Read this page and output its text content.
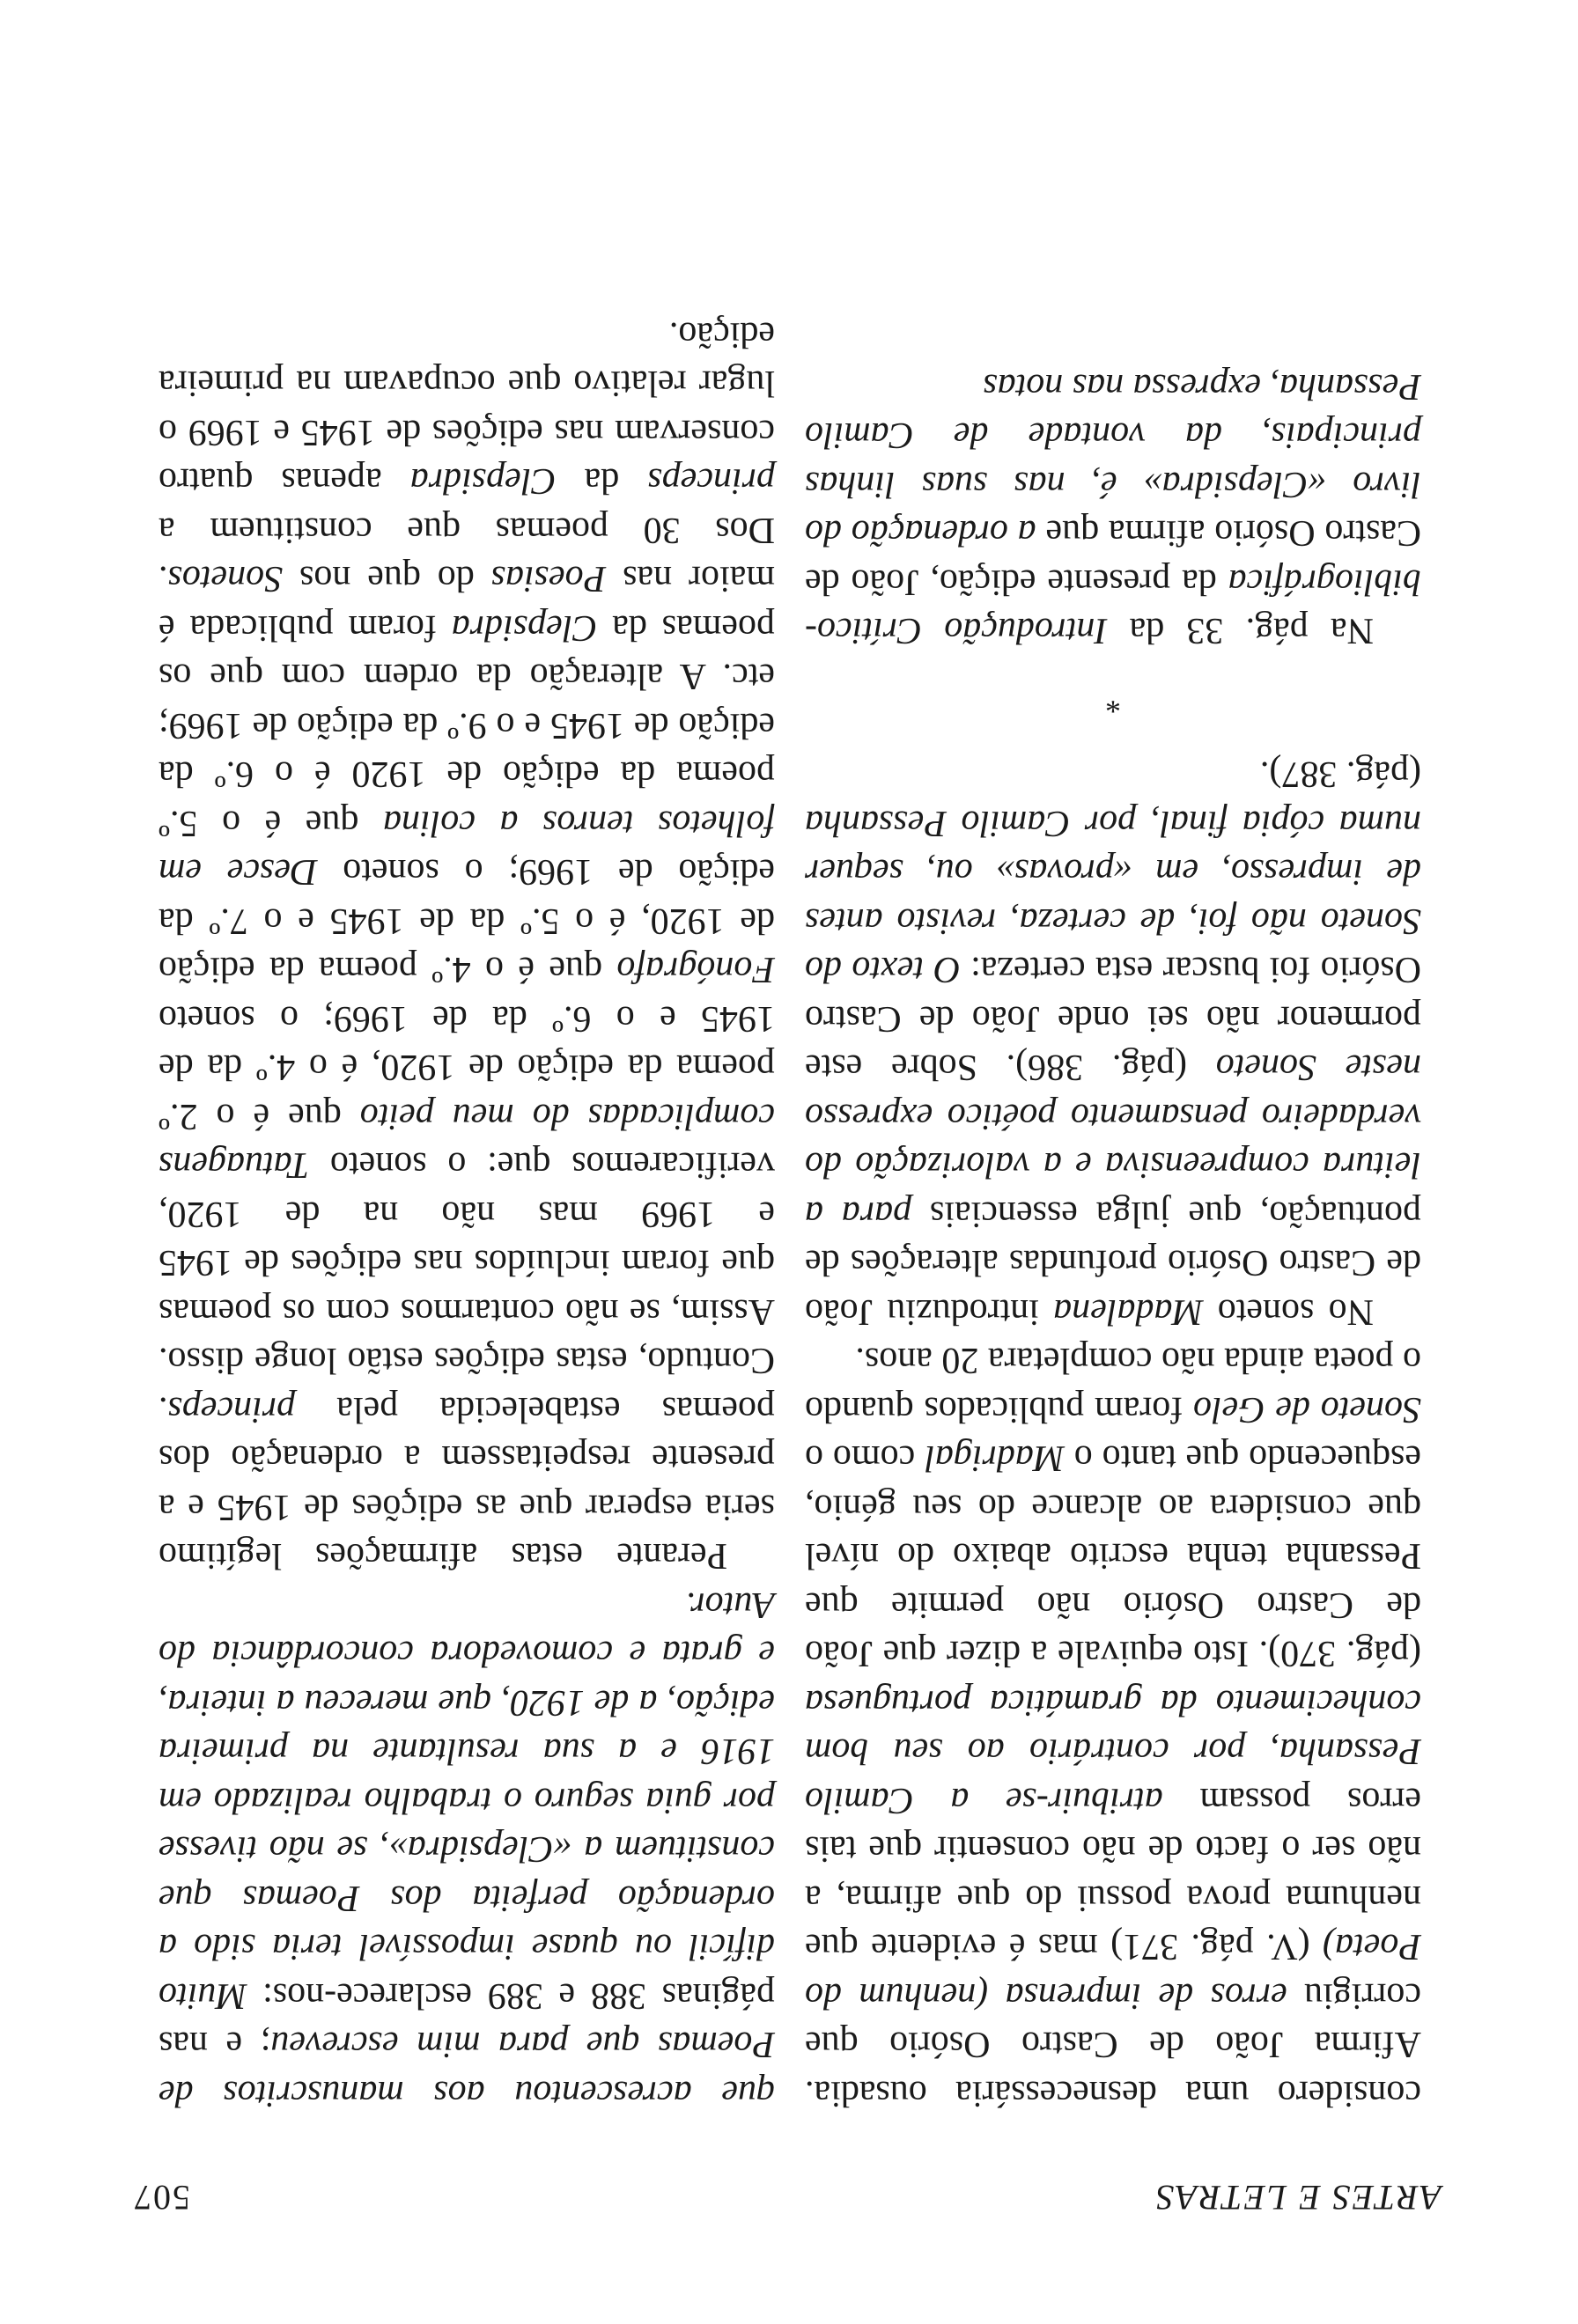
ARTES E LETRAS
507

considero uma desnecessária ousadia. Afirma João de Castro Osório que corrigiu erros de imprensa (nenhum do Poeta) (V. pág. 371) mas é evidente que nenhuma prova possui do que afirma, a não ser o facto de não consentir que tais erros possam atribuir-se a Camilo Pessanha, por contrário ao seu bom conhecimento da gramática portuguesa (pág. 370). Isto equivale a dizer que João de Castro Osório não permite que Pessanha tenha escrito abaixo do nível que considera ao alcance do seu génio, esquecendo que tanto o Madrigal como o Soneto de Gelo foram publicados quando o poeta ainda não completara 20 anos.

No soneto Madalena introduziu João de Castro Osório profundas alterações de pontuação, que julga essenciais para a leitura compreensiva e a valorização do verdadeiro pensamento poético expresso neste Soneto (pág. 386). Sobre este pormenor não sei onde João de Castro Osório foi buscar esta certeza: O texto do Soneto não foi, de certeza, revisto antes de impresso, em «provas» ou, sequer numa cópia final, por Camilo Pessanha (pág. 387).

*

Na pág. 33 da Introdução Crítico-bibliográfica da presente edição, João de Castro Osório afirma que a ordenação do livro «Clepsidra» é, nas suas linhas principais, da vontade de Camilo Pessanha, expressa nas notas

que acrescentou aos manuscritos de Poemas que para mim escreveu; e nas páginas 388 e 389 esclarece-nos: Muito difícil ou quase impossível teria sido a ordenação perfeita dos Poemas que constituem a «Clepsidra», se não tivesse por guia seguro o trabalho realizado em 1916 e a sua resultante na primeira edição, a de 1920, que mereceu a inteira, e grata e comovedora concordância do Autor.

Perante estas afirmações legítimo seria esperar que as edições de 1945 e a presente respeitassem a ordenação dos poemas estabelecida pela princeps. Contudo, estas edições estão longe disso. Assim, se não contarmos com os poemas que foram incluídos nas edições de 1945 e 1969 mas não na de 1920, verificaremos que: o soneto Tatuagens complicadas do meu peito que é o 2.º poema da edição de 1920, é o 4.º da de 1945 e o 6.º da de 1969; o soneto Fonógrafo que é o 4.º poema da edição de 1920, é o 5.º da de 1945 e o 7.º da edição de 1969; o soneto Desce em folhetos tenros a colina que é o 5.º poema da edição de 1920 é o 6.º da edição de 1945 e o 9.º da edição de 1969; etc. A alteração da ordem com que os poemas da Clepsidra foram publicada é maior nas Poesias do que nos Sonetos. Dos 30 poemas que constituem a princeps da Clepsidra apenas quatro conservam nas edições de 1945 e 1969 o lugar relativo que ocupavam na primeira edição.
